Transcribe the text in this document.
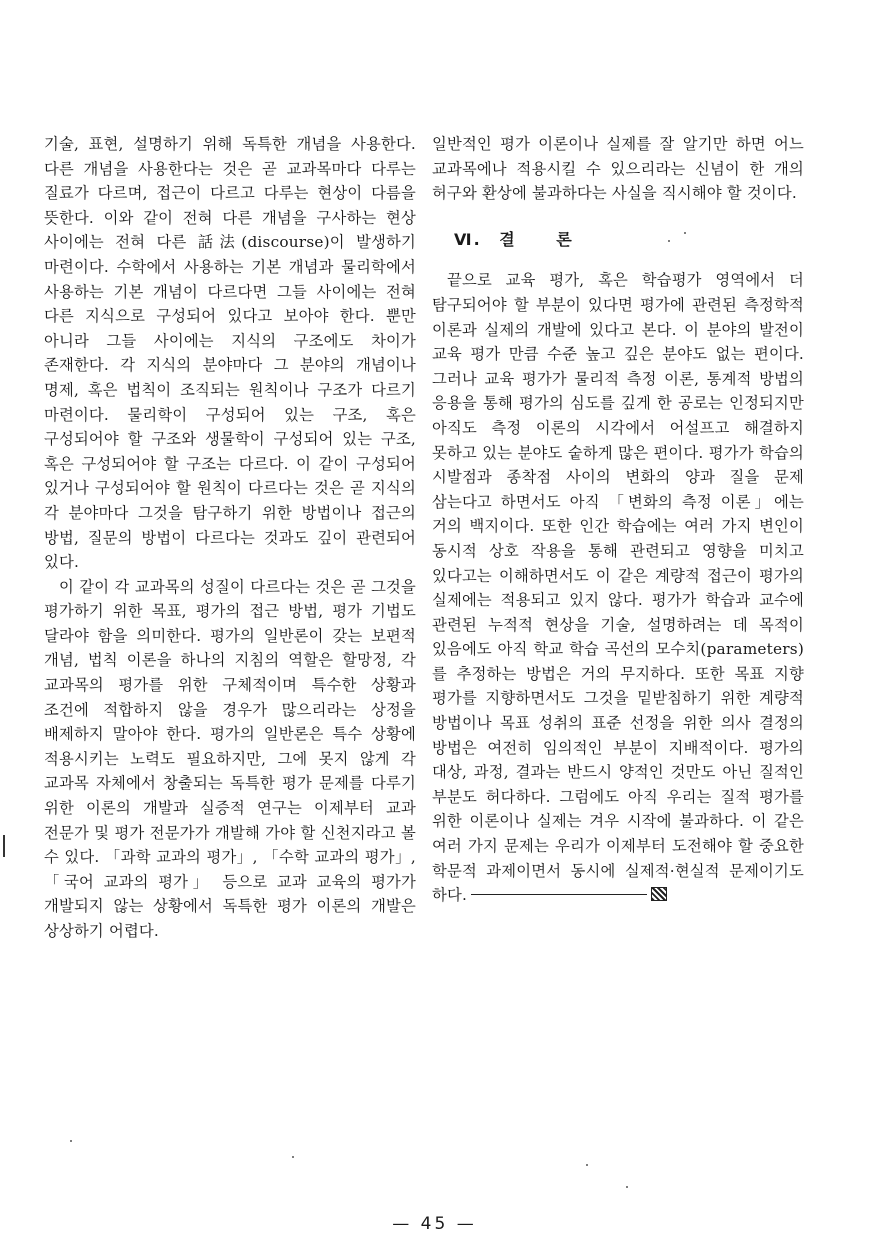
기술, 표현, 설명하기 위해 독특한 개념을 사용한다. 다른 개념을 사용한다는 것은 곧 교과목마다 다루는 질료가 다르며, 접근이 다르고 다루는 현상이 다름을 뜻한다. 이와 같이 전혀 다른 개념을 구사하는 현상 사이에는 전혀 다른 話法(discourse)이 발생하기 마련이다. 수학에서 사용하는 기본 개념과 물리학에서 사용하는 기본 개념이 다르다면 그들 사이에는 전혀 다른 지식으로 구성되어 있다고 보아야 한다. 뿐만 아니라 그들 사이에는 지식의 구조에도 차이가 존재한다. 각 지식의 분야마다 그 분야의 개념이나 명제, 혹은 법칙이 조직되는 원칙이나 구조가 다르기 마련이다. 물리학이 구성되어 있는 구조, 혹은 구성되어야 할 구조와 생물학이 구성되어 있는 구조, 혹은 구성되어야 할 구조는 다르다. 이 같이 구성되어 있거나 구성되어야 할 원칙이 다르다는 것은 곧 지식의 각 분야마다 그것을 탐구하기 위한 방법이나 접근의 방법, 질문의 방법이 다르다는 것과도 깊이 관련되어 있다.

이 같이 각 교과목의 성질이 다르다는 것은 곧 그것을 평가하기 위한 목표, 평가의 접근 방법, 평가 기법도 달라야 함을 의미한다. 평가의 일반론이 갖는 보편적 개념, 법칙 이론을 하나의 지침의 역할은 할망정, 각 교과목의 평가를 위한 구체적이며 특수한 상황과 조건에 적합하지 않을 경우가 많으리라는 상정을 배제하지 말아야 한다. 평가의 일반론은 특수 상황에 적용시키는 노력도 필요하지만, 그에 못지 않게 각 교과목 자체에서 창출되는 독특한 평가 문제를 다루기 위한 이론의 개발과 실증적 연구는 이제부터 교과 전문가 및 평가 전문가가 개발해 가야 할 신천지라고 볼 수 있다. 「과학 교과의 평가」, 「수학 교과의 평가」, 「국어 교과의 평가」 등으로 교과 교육의 평가가 개발되지 않는 상황에서 독특한 평가 이론의 개발은 상상하기 어렵다.

일반적인 평가 이론이나 실제를 잘 알기만 하면 어느 교과목에나 적용시킬 수 있으리라는 신념이 한 개의 허구와 환상에 불과하다는 사실을 직시해야 할 것이다.

Ⅵ. 결 론

끝으로 교육 평가, 혹은 학습평가 영역에서 더 탐구되어야 할 부분이 있다면 평가에 관련된 측정학적 이론과 실제의 개발에 있다고 본다. 이 분야의 발전이 교육 평가 만큼 수준 높고 깊은 분야도 없는 편이다. 그러나 교육 평가가 물리적 측정 이론, 통계적 방법의 응용을 통해 평가의 심도를 깊게 한 공로는 인정되지만 아직도 측정 이론의 시각에서 어설프고 해결하지 못하고 있는 분야도 숱하게 많은 편이다. 평가가 학습의 시발점과 종착점 사이의 변화의 양과 질을 문제 삼는다고 하면서도 아직 「변화의 측정 이론」에는 거의 백지이다. 또한 인간 학습에는 여러 가지 변인이 동시적 상호 작용을 통해 관련되고 영향을 미치고 있다고는 이해하면서도 이 같은 계량적 접근이 평가의 실제에는 적용되고 있지 않다. 평가가 학습과 교수에 관련된 누적적 현상을 기술, 설명하려는 데 목적이 있음에도 아직 학교 학습 곡선의 모수치(parameters)를 추정하는 방법은 거의 무지하다. 또한 목표 지향 평가를 지향하면서도 그것을 밑받침하기 위한 계량적 방법이나 목표 성취의 표준 선정을 위한 의사 결정의 방법은 여전히 임의적인 부분이 지배적이다. 평가의 대상, 과정, 결과는 반드시 양적인 것만도 아닌 질적인 부분도 허다하다. 그럼에도 아직 우리는 질적 평가를 위한 이론이나 실제는 겨우 시작에 불과하다. 이 같은 여러 가지 문제는 우리가 이제부터 도전해야 할 중요한 학문적 과제이면서 동시에 실제적·현실적 문제이기도 하다.

— 45 —
